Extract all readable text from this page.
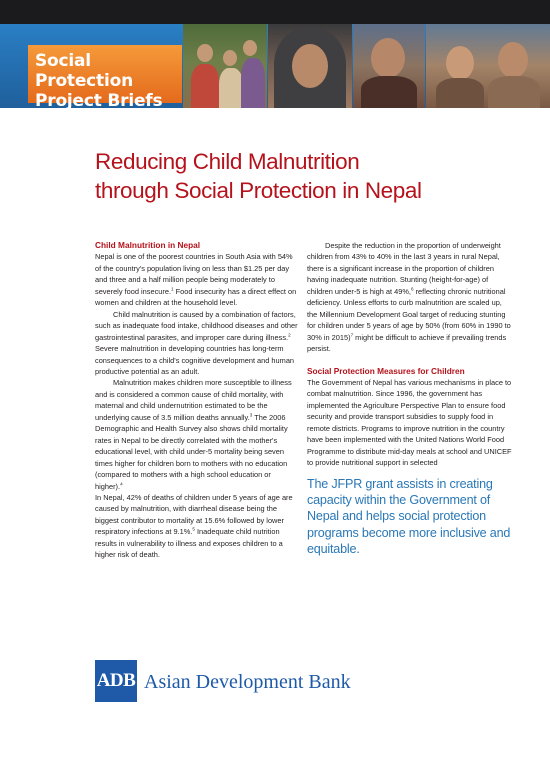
Social Protection
Project Briefs
Reducing Child Malnutrition
through Social Protection in Nepal
Child Malnutrition in Nepal

Nepal is one of the poorest countries in South Asia with 54% of the country's population living on less than $1.25 per day and three and a half million people being moderately to severely food insecure.$^1$ Food insecurity has a direct effect on women and children at the household level.

Child malnutrition is caused by a combination of factors, such as inadequate food intake, childhood diseases and other gastrointestinal parasites, and improper care during illness.$^2$ Severe malnutrition in developing countries has long-term consequences to a child's cognitive development and human productive potential as an adult.

Malnutrition makes children more susceptible to illness and is considered a common cause of child mortality, with maternal and child undernutrition estimated to be the underlying cause of 3.5 million deaths annually.$^3$ The 2006 Demographic and Health Survey also shows child mortality rates in Nepal to be directly correlated with the mother's educational level, with child under-5 mortality being seven times higher for children born to mothers with no education (compared to mothers with a high school education or higher).$^4$

In Nepal, 42% of deaths of children under 5 years of age are caused by malnutrition, with diarrheal disease being the biggest contributor to mortality at 15.6% followed by lower respiratory infections at 9.1%.$^5$ Inadequate child nutrition results in vulnerability to illness and exposes children to a higher risk of death.

Despite the reduction in the proportion of underweight children from 43% to 40% in the last 3 years in rural Nepal, there is a significant increase in the proportion of children having inadequate nutrition. Stunting (height-for-age) of children under-5 is high at 49%,$^6$ reflecting chronic nutritional deficiency. Unless efforts to curb malnutrition are scaled up, the Millennium Development Goal target of reducing stunting for children under 5 years of age by 50% (from 60% in 1990 to 30% in 2015)$^7$ might be difficult to achieve if prevailing trends persist.

Social Protection Measures for Children

The Government of Nepal has various mechanisms in place to combat malnutrition. Since 1996, the government has implemented the Agriculture Perspective Plan to ensure food security and provide transport subsidies to supply food in remote districts. Programs to improve nutrition in the country have been implemented with the United Nations World Food Programme to distribute mid-day meals at school and UNICEF to provide nutritional support in selected

The JFPR grant assists in creating capacity within the Government of Nepal and helps social protection programs become more inclusive and equitable.

ADB Asian Development Bank
